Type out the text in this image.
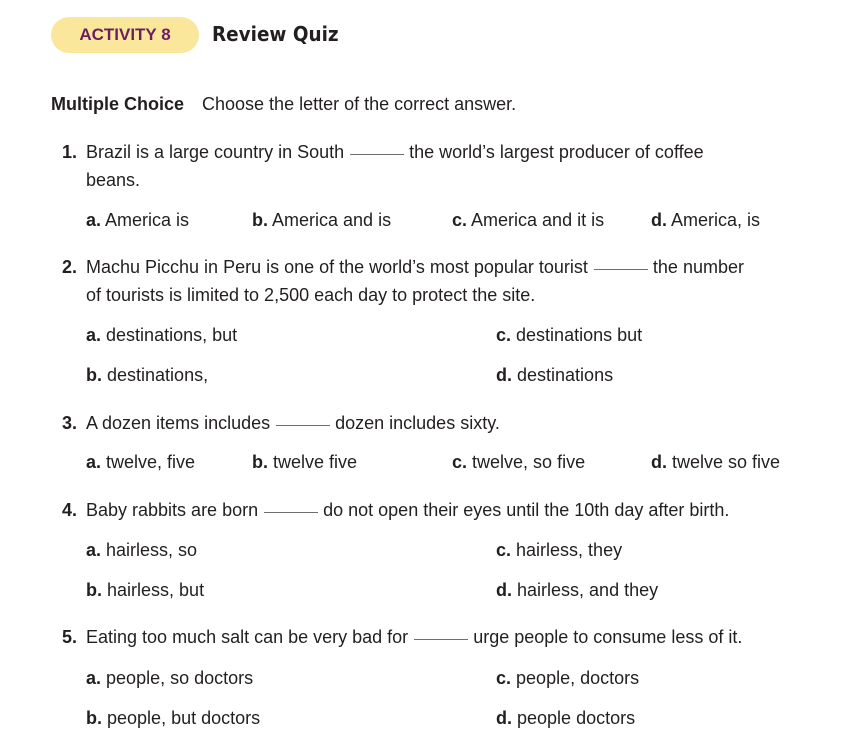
ACTIVITY 8	Review Quiz
Multiple Choice Choose the letter of the correct answer.
1. Brazil is a large country in South	the world’s largest producer of coffee
beans.
a. America is	b. America and is	c. America and it is	d. America, is
2. Machu Picchu in Peru is one of the world’s most popular tourist	the number
of tourists is limited to 2,500 each day to protect the site.
a. destinations, but
b. destinations,
c. destinations but
d. destinations
3. A dozen items includes	dozen includes sixty.
a. twelve, five	b. twelve five	c. twelve, so five	d. twelve so five
4. Baby rabbits are born	do not open their eyes until the 10th day after birth.
a. hairless, so
b. hairless, but
c. hairless, they
d. hairless, and they
5. Eating too much salt can be very bad for	urge people to consume less of it.
a. people, so doctors
b. people, but doctors
c. people, doctors
d. people doctors
